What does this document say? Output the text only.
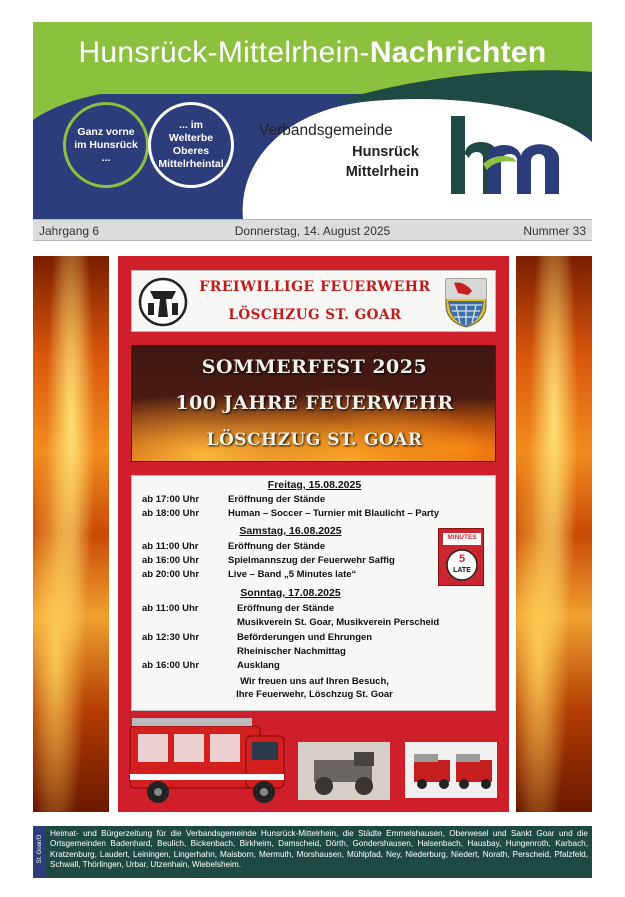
Hunsrück-Mittelrhein-Nachrichten
Ganz vorne im Hunsrück ...
... im Welterbe Oberes Mittelrheintal
Verbandsgemeinde
Hunsrück
Mittelrhein
Jahrgang 6	Donnerstag, 14. August 2025	Nummer 33
FREIWILLIGE FEUERWEHR
LÖSCHZUG ST. GOAR
SOMMERFEST 2025
100 JAHRE FEUERWEHR
LÖSCHZUG ST. GOAR
Freitag, 15.08.2025
ab 17:00 Uhr	Eröffnung der Stände
ab 18:00 Uhr	Human – Soccer – Turnier mit Blaulicht – Party
Samstag, 16.08.2025
ab 11:00 Uhr	Eröffnung der Stände
ab 16:00 Uhr	Spielmannszug der Feuerwehr Saffig
ab 20:00 Uhr	Live – Band „5 Minutes late“
MINUTES
5
LATE
Sonntag, 17.08.2025
ab 11:00 Uhr	Eröffnung der Stände
Musikverein St. Goar, Musikverein Perscheid
ab 12:30 Uhr	Beförderungen und Ehrungen
Rheinischer Nachmittag
ab 16:00 Uhr	Ausklang
Wir freuen uns auf Ihren Besuch,
Ihre Feuerwehr, Löschzug St. Goar
St. Goar/O
Heimat- und Bürgerzeitung für die Verbandsgemeinde Hunsrück-Mittelrhein, die Städte Emmelshausen, Oberwesel und Sankt Goar und die Ortsgemeinden Badenhard, Beulich, Bickenbach, Birkheim, Damscheid, Dörth, Gondershausen, Halsenbach, Hausbay, Hungenroth, Karbach, Kratzenburg, Laudert, Leiningen, Lingerhahn, Maisborn, Mermuth, Morshausen, Mühlpfad, Ney, Niederburg, Niedert, Norath, Perscheid, Pfalzfeld, Schwall, Thörlingen, Urbar, Utzenhain, Wiebelsheim.
